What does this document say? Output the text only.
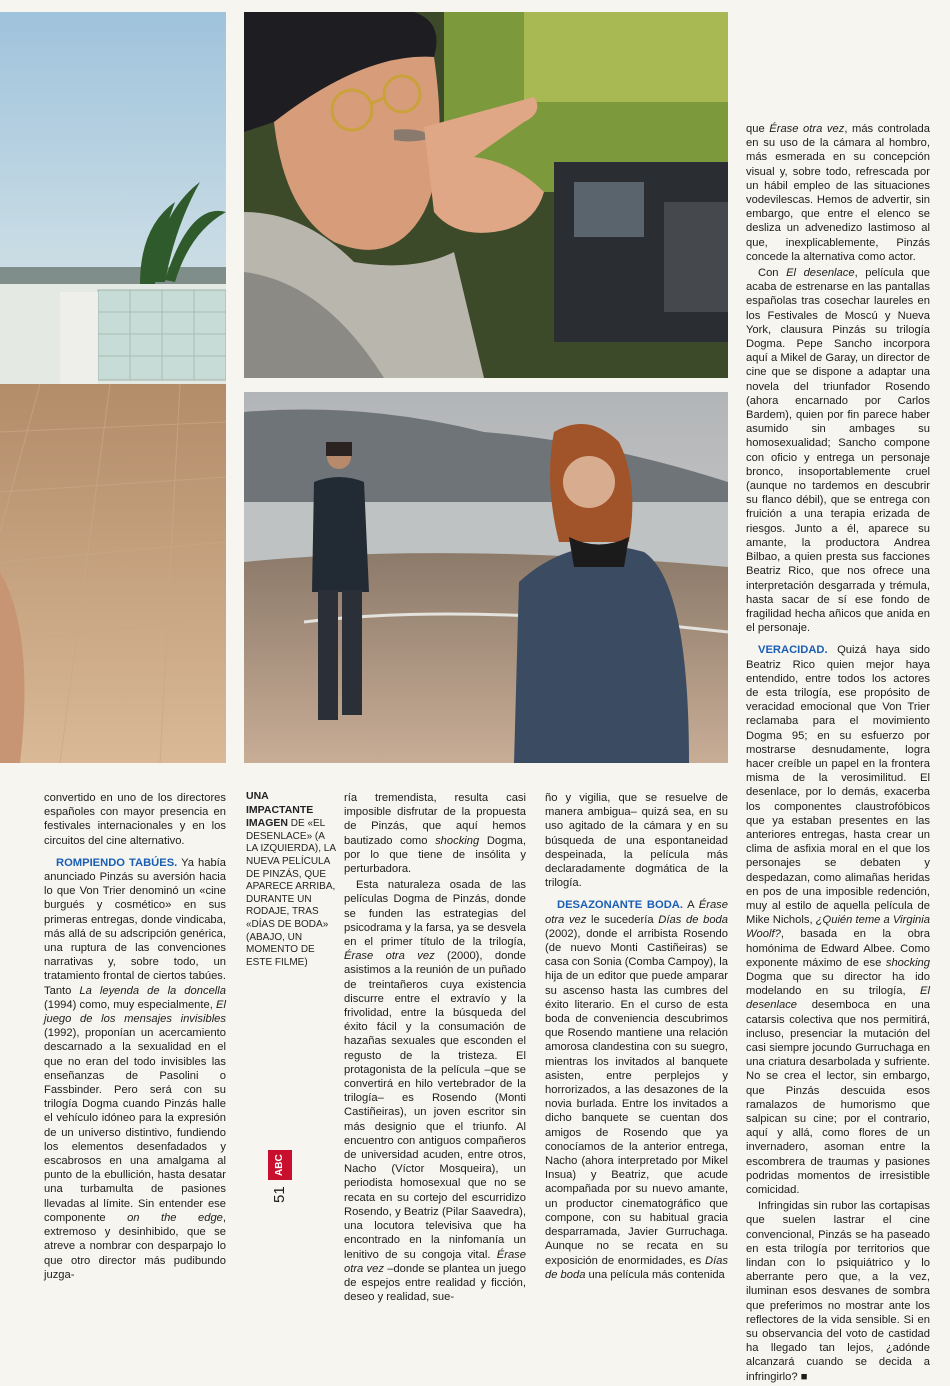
convertido en uno de los directores españoles con mayor presencia en festivales internacionales y en los circuitos del cine alternativo.

ROMPIENDO TABÚES. Ya había anunciado Pinzás su aversión hacia lo que Von Trier denominó un «cine burgués y cosmético» en sus primeras entregas, donde vindicaba, más allá de su adscripción genérica, una ruptura de las convenciones narrativas y, sobre todo, un tratamiento frontal de ciertos tabúes. Tanto La leyenda de la doncella (1994) como, muy especialmente, El juego de los mensajes invisibles (1992), proponían un acercamiento descarnado a la sexualidad en el que no eran del todo invisibles las enseñanzas de Pasolini o Fassbinder. Pero será con su trilogía Dogma cuando Pinzás halle el vehículo idóneo para la expresión de un universo distintivo, fundiendo los elementos desenfadados y escabrosos en una amalgama al punto de la ebullición, hasta desatar una turbamulta de pasiones llevadas al límite. Sin entender ese componente on the edge, extremoso y desinhibido, que se atreve a nombrar con desparpajo lo que otro director más pudibundo juzga-

UNA IMPACTANTE IMAGEN DE «EL DESENLACE» (A LA IZQUIERDA), LA NUEVA PELÍCULA DE PINZÁS, QUE APARECE ARRIBA, DURANTE UN RODAJE, TRAS «DÍAS DE BODA» (ABAJO, UN MOMENTO DE ESTE FILME)
ABC
51

ría tremendista, resulta casi imposible disfrutar de la propuesta de Pinzás, que aquí hemos bautizado como shocking Dogma, por lo que tiene de insólita y perturbadora.

Esta naturaleza osada de las películas Dogma de Pinzás, donde se funden las estrategias del psicodrama y la farsa, ya se desvela en el primer título de la trilogía, Érase otra vez (2000), donde asistimos a la reunión de un puñado de treintañeros cuya existencia discurre entre el extravío y la frivolidad, entre la búsqueda del éxito fácil y la consumación de hazañas sexuales que esconden el regusto de la tristeza. El protagonista de la película –que se convertirá en hilo vertebrador de la trilogía– es Rosendo (Monti Castiñeiras), un joven escritor sin más designio que el triunfo. Al encuentro con antiguos compañeros de universidad acuden, entre otros, Nacho (Víctor Mosqueira), un periodista homosexual que no se recata en su cortejo del escurridizo Rosendo, y Beatriz (Pilar Saavedra), una locutora televisiva que ha encontrado en la ninfomanía un lenitivo de su congoja vital. Érase otra vez –donde se plantea un juego de espejos entre realidad y ficción, deseo y realidad, sue-

ño y vigilia, que se resuelve de manera ambigua– quizá sea, en su uso agitado de la cámara y en su búsqueda de una espontaneidad despeinada, la película más declaradamente dogmática de la trilogía.

DESAZONANTE BODA. A Érase otra vez le sucedería Días de boda (2002), donde el arribista Rosendo (de nuevo Monti Castiñeiras) se casa con Sonia (Comba Campoy), la hija de un editor que puede amparar su ascenso hasta las cumbres del éxito literario. En el curso de esta boda de conveniencia descubrimos que Rosendo mantiene una relación amorosa clandestina con su suegro, mientras los invitados al banquete asisten, entre perplejos y horrorizados, a las desazones de la novia burlada. Entre los invitados a dicho banquete se cuentan dos amigos de Rosendo que ya conocíamos de la anterior entrega, Nacho (ahora interpretado por Mikel Insua) y Beatriz, que acude acompañada por su nuevo amante, un productor cinematográfico que compone, con su habitual gracia desparramada, Javier Gurruchaga. Aunque no se recata en su exposición de enormidades, es Días de boda una película más contenida

que Érase otra vez, más controlada en su uso de la cámara al hombro, más esmerada en su concepción visual y, sobre todo, refrescada por un hábil empleo de las situaciones vodevilescas. Hemos de advertir, sin embargo, que entre el elenco se desliza un advenedizo lastimoso al que, inexplicablemente, Pinzás concede la alternativa como actor.

Con El desenlace, película que acaba de estrenarse en las pantallas españolas tras cosechar laureles en los Festivales de Moscú y Nueva York, clausura Pinzás su trilogía Dogma. Pepe Sancho incorpora aquí a Mikel de Garay, un director de cine que se dispone a adaptar una novela del triunfador Rosendo (ahora encarnado por Carlos Bardem), quien por fin parece haber asumido sin ambages su homosexualidad; Sancho compone con oficio y entrega un personaje bronco, insoportablemente cruel (aunque no tardemos en descubrir su flanco débil), que se entrega con fruición a una terapia erizada de riesgos. Junto a él, aparece su amante, la productora Andrea Bilbao, a quien presta sus facciones Beatriz Rico, que nos ofrece una interpretación desgarrada y trémula, hasta sacar de sí ese fondo de fragilidad hecha añicos que anida en el personaje.

VERACIDAD. Quizá haya sido Beatriz Rico quien mejor haya entendido, entre todos los actores de esta trilogía, ese propósito de veracidad emocional que Von Trier reclamaba para el movimiento Dogma 95; en su esfuerzo por mostrarse desnudamente, logra hacer creíble un papel en la frontera misma de la verosimilitud. El desenlace, por lo demás, exacerba los componentes claustrofóbicos que ya estaban presentes en las anteriores entregas, hasta crear un clima de asfixia moral en el que los personajes se debaten y despedazan, como alimañas heridas en pos de una imposible redención, muy al estilo de aquella película de Mike Nichols, ¿Quién teme a Virginia Woolf?, basada en la obra homónima de Edward Albee. Como exponente máximo de ese shocking Dogma que su director ha ido modelando en su trilogía, El desenlace desemboca en una catarsis colectiva que nos permitirá, incluso, presenciar la mutación del casi siempre jocundo Gurruchaga en una criatura desarbolada y sufriente. No se crea el lector, sin embargo, que Pinzás descuida esos ramalazos de humorismo que salpican su cine; por el contrario, aquí y allá, como flores de un invernadero, asoman entre la escombrera de traumas y pasiones podridas momentos de irresistible comicidad.

Infringidas sin rubor las cortapisas que suelen lastrar el cine convencional, Pinzás se ha paseado en esta trilogía por territorios que lindan con lo psiquiátrico y lo aberrante pero que, a la vez, iluminan esos desvanes de sombra que preferimos no mostrar ante los reflectores de la vida sensible. Si en su observancia del voto de castidad ha llegado tan lejos, ¿adónde alcanzará cuando se decida a infringirlo? ■
